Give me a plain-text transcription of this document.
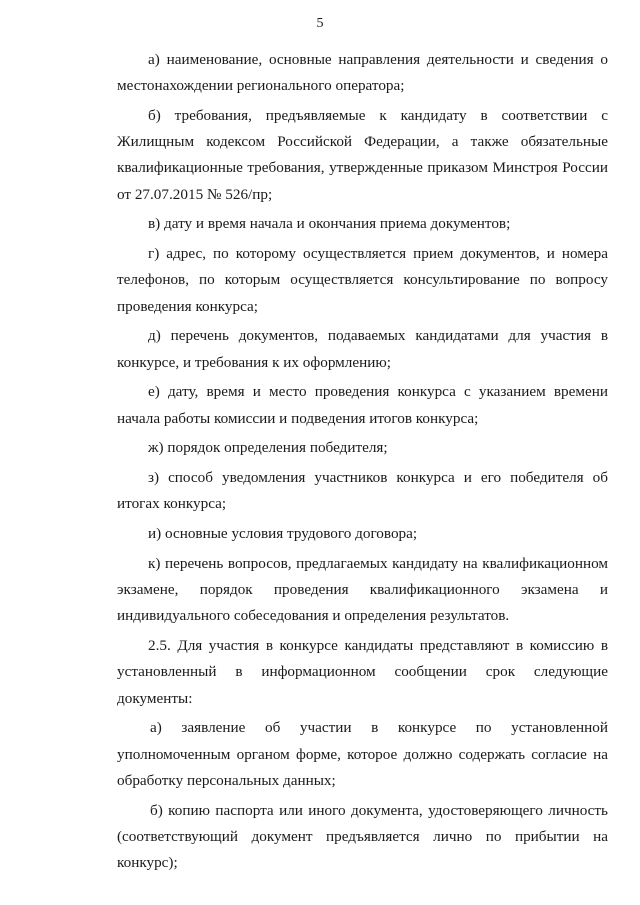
5

а) наименование, основные направления деятельности и сведения о местонахождении регионального оператора;

б) требования, предъявляемые к кандидату в соответствии с Жилищным кодексом Российской Федерации, а также обязательные квалификационные требования, утвержденные приказом Минстроя России от 27.07.2015 № 526/пр;

в) дату и время начала и окончания приема документов;

г) адрес, по которому осуществляется прием документов, и номера телефонов, по которым осуществляется консультирование по вопросу проведения конкурса;

д) перечень документов, подаваемых кандидатами для участия в конкурсе, и требования к их оформлению;

е) дату, время и место проведения конкурса с указанием времени начала работы комиссии и подведения итогов конкурса;

ж) порядок определения победителя;

з) способ уведомления участников конкурса и его победителя об итогах конкурса;

и) основные условия трудового договора;

к) перечень вопросов, предлагаемых кандидату на квалификационном экзамене, порядок проведения квалификационного экзамена и индивидуального собеседования и определения результатов.

2.5. Для участия в конкурсе кандидаты представляют в комиссию в установленный в информационном сообщении срок следующие документы:

а) заявление об участии в конкурсе по установленной уполномоченным органом форме, которое должно содержать согласие на обработку персональных данных;

б) копию паспорта или иного документа, удостоверяющего личность (соответствующий документ предъявляется лично по прибытии на конкурс);
